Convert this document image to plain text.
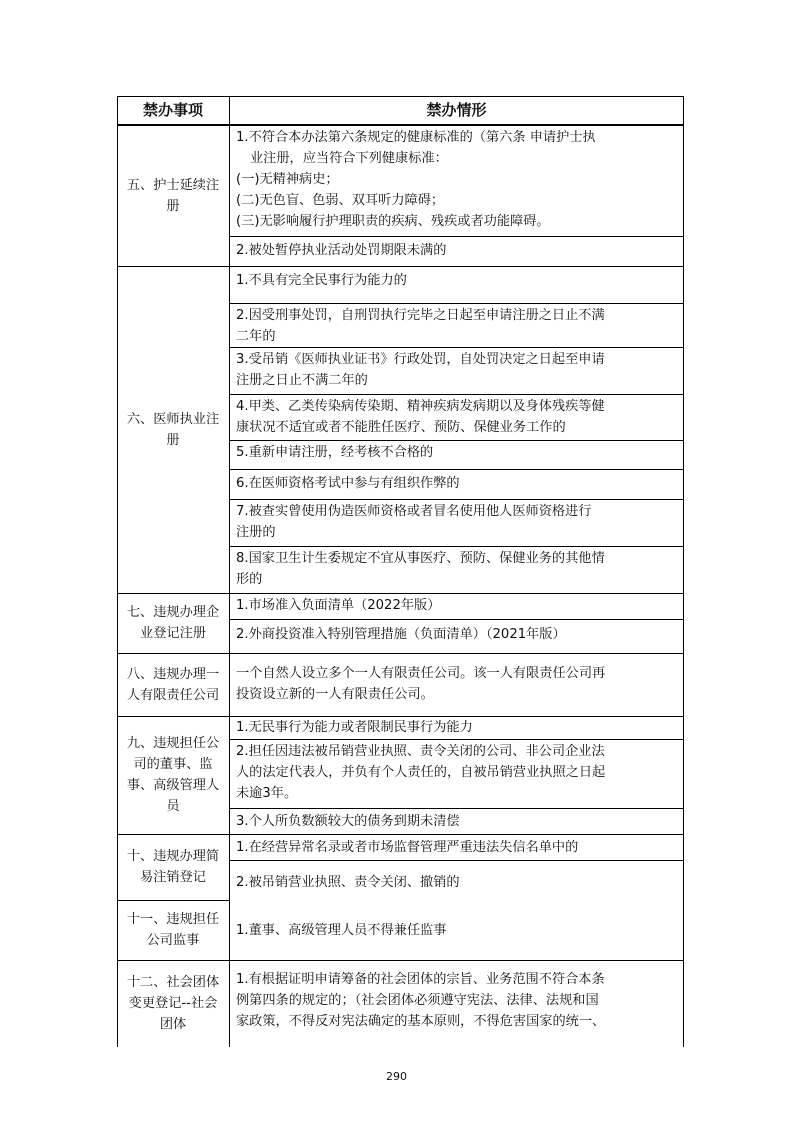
禁办事项	禁办情形
五、护士延续注册
六、医师执业注册
七、违规办理企业登记注册
八、违规办理一人有限责任公司
九、违规担任公司的董事、监事、高级管理人员
十、违规办理简易注销登记
十一、违规担任公司监事
十二、社会团体变更登记--社会团体
1.不符合本办法第六条规定的健康标准的（第六条 申请护士执
业注册，应当符合下列健康标准：
(一)无精神病史；
(二)无色盲、色弱、双耳听力障碍；
(三)无影响履行护理职责的疾病、残疾或者功能障碍。
2.被处暂停执业活动处罚期限未满的
1.不具有完全民事行为能力的
2.因受刑事处罚，自刑罚执行完毕之日起至申请注册之日止不满
二年的
3.受吊销《医师执业证书》行政处罚，自处罚决定之日起至申请
注册之日止不满二年的
4.甲类、乙类传染病传染期、精神疾病发病期以及身体残疾等健
康状况不适宜或者不能胜任医疗、预防、保健业务工作的
5.重新申请注册，经考核不合格的
6.在医师资格考试中参与有组织作弊的
7.被查实曾使用伪造医师资格或者冒名使用他人医师资格进行
注册的
8.国家卫生计生委规定不宜从事医疗、预防、保健业务的其他情
形的
1.市场准入负面清单（2022年版）
2.外商投资准入特别管理措施（负面清单）（2021年版）
一个自然人设立多个一人有限责任公司。该一人有限责任公司再
投资设立新的一人有限责任公司。
1.无民事行为能力或者限制民事行为能力
2.担任因违法被吊销营业执照、责令关闭的公司、非公司企业法
人的法定代表人，并负有个人责任的，自被吊销营业执照之日起
未逾3年。
3.个人所负数额较大的债务到期未清偿
1.在经营异常名录或者市场监督管理严重违法失信名单中的
2.被吊销营业执照、责令关闭、撤销的
1.董事、高级管理人员不得兼任监事
1.有根据证明申请筹备的社会团体的宗旨、业务范围不符合本条
例第四条的规定的；（社会团体必须遵守宪法、法律、法规和国
家政策，不得反对宪法确定的基本原则，不得危害国家的统一、
290
